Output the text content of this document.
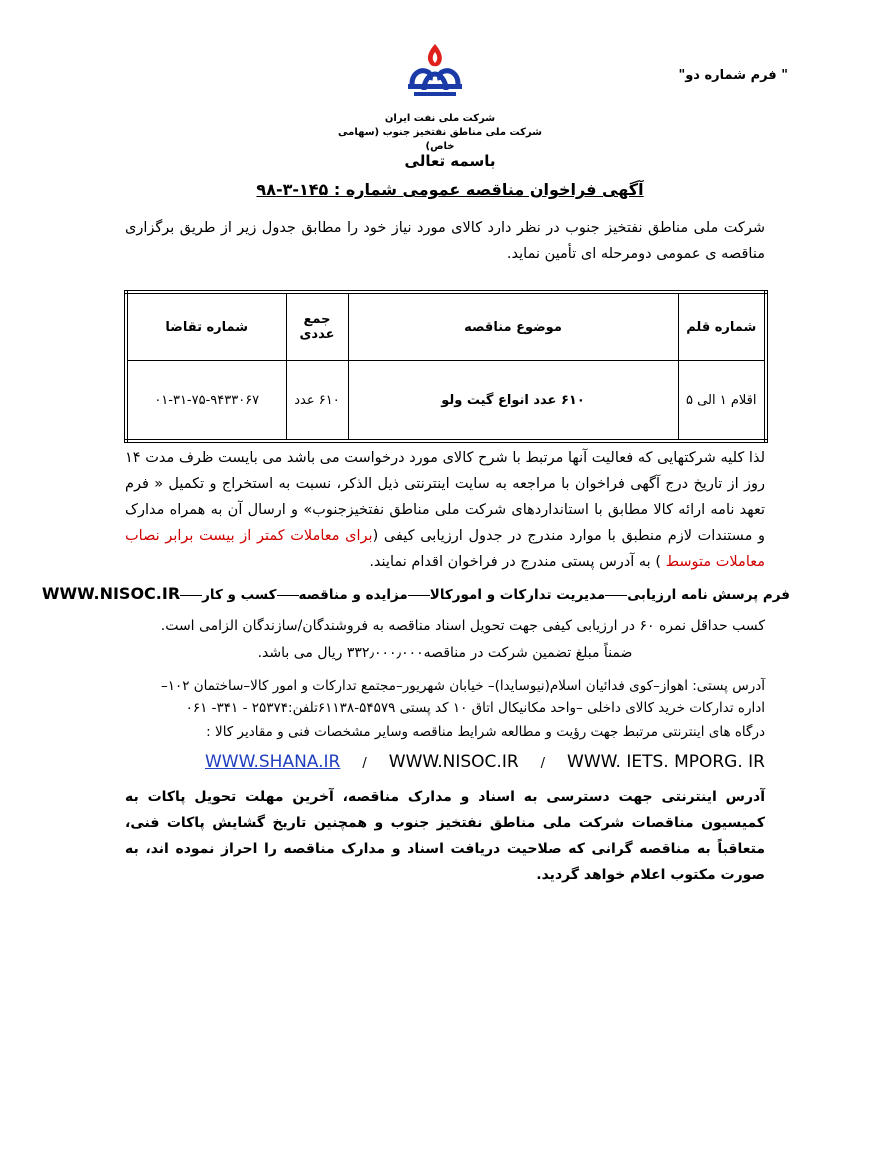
" فرم شماره دو"
شرکت ملی نفت ایران
شرکت ملی مناطق نفتخیز جنوب (سهامی خاص)
باسمه تعالی
آگهی فراخوان مناقصه عمومی شماره : ۱۴۵-۳-۹۸
شرکت ملی مناطق نفتخیز جنوب در نظر دارد کالای مورد نیاز خود را مطابق جدول زیر از طریق برگزاری مناقصه ی عمومی دومرحله ای تأمین نماید.
شماره قلم	موضوع مناقصه	جمع عددی	شماره تقاضا
اقلام ۱ الی ۵	۶۱۰ عدد انواع گیت ولو	۶۱۰ عدد	۰۱-۳۱-۷۵-۹۴۳۳۰۶۷
لذا کلیه شرکتهایی که فعالیت آنها مرتبط با شرح کالای مورد درخواست می باشد می بایست ظرف مدت ۱۴ روز از تاریخ درج آگهی فراخوان با مراجعه به سایت اینترنتی ذیل الذکر، نسبت به استخراج و تکمیل « فرم تعهد نامه ارائه کالا مطابق با استانداردهای شرکت ملی مناطق نفتخیزجنوب» و ارسال آن به همراه مدارک و مستندات لازم منطبق با موارد مندرج در جدول ارزیابی کیفی (برای معاملات کمتر از بیست برابر نصاب معاملات متوسط ) به آدرس پستی مندرج در فراخوان اقدام نمایند.
فرم پرسش نامه ارزیابیمدیریت تدارکات و امورکالامزایده و مناقصهکسب و کارWWW.NISOC.IR
کسب حداقل نمره ۶۰ در ارزیابی کیفی جهت تحویل اسناد مناقصه به فروشندگان/سازندگان الزامی است.
ضمناً مبلغ تضمین شرکت در مناقصه۳۳۲٫۰۰۰٫۰۰۰ ریال می باشد.
آدرس پستی: اهواز–کوی فدائیان اسلام(نیوسایدا)– خیابان شهریور–مجتمع تدارکات و امور کالا–ساختمان ۱۰۲–
اداره تدارکات خرید کالای داخلی –واحد مکانیکال اتاق ۱۰ کد پستی ۵۴۵۷۹-۶۱۱۳۸تلفن:۲۵۳۷۴ - ۳۴۱- ۰۶۱
درگاه های اینترنتی مرتبط جهت رؤیت و مطالعه شرایط مناقصه وسایر مشخصات فنی و مقادیر کالا :
WWW.SHANA.IR / WWW.NISOC.IR / WWW. IETS. MPORG. IR
آدرس اینترنتی جهت دسترسی به اسناد و مدارک مناقصه، آخرین مهلت تحویل پاکات به کمیسیون مناقصات شرکت ملی مناطق نفتخیز جنوب و همچنین تاریخ گشایش پاکات فنی، متعاقباً به مناقصه گرانی که صلاحیت دریافت اسناد و مدارک مناقصه را احراز نموده اند، به صورت مکتوب اعلام خواهد گردید.
